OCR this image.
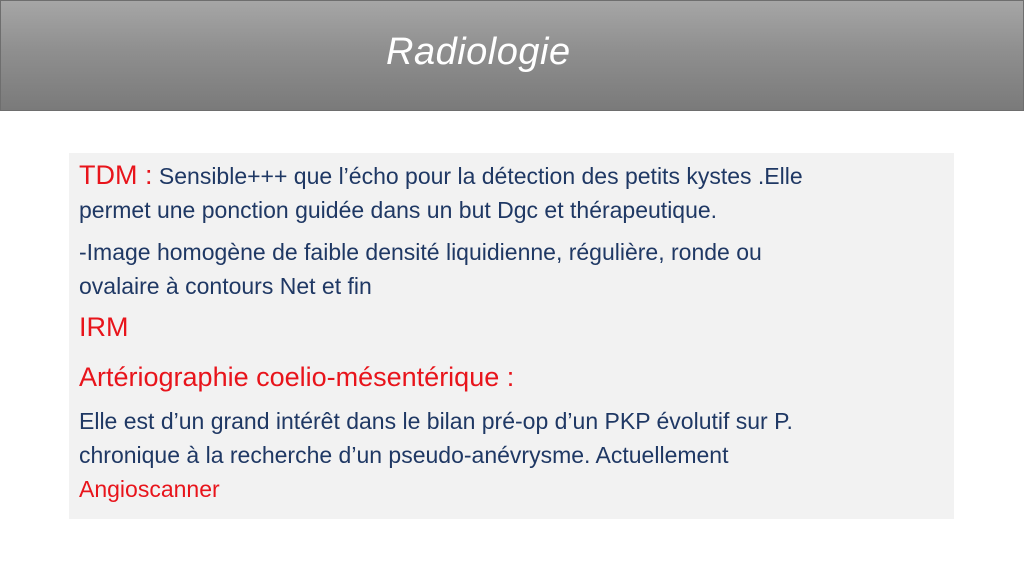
Radiologie
TDM : Sensible+++ que l’écho pour la détection des petits kystes .Elle
permet une ponction guidée dans un but Dgc et thérapeutique.
-Image homogène de faible densité liquidienne, régulière, ronde ou
ovalaire à contours Net et fin
IRM
Artériographie coelio-mésentérique :
Elle est d’un grand intérêt dans le bilan pré-op d’un PKP évolutif sur P.
chronique à la recherche d’un pseudo-anévrysme. Actuellement
Angioscanner
